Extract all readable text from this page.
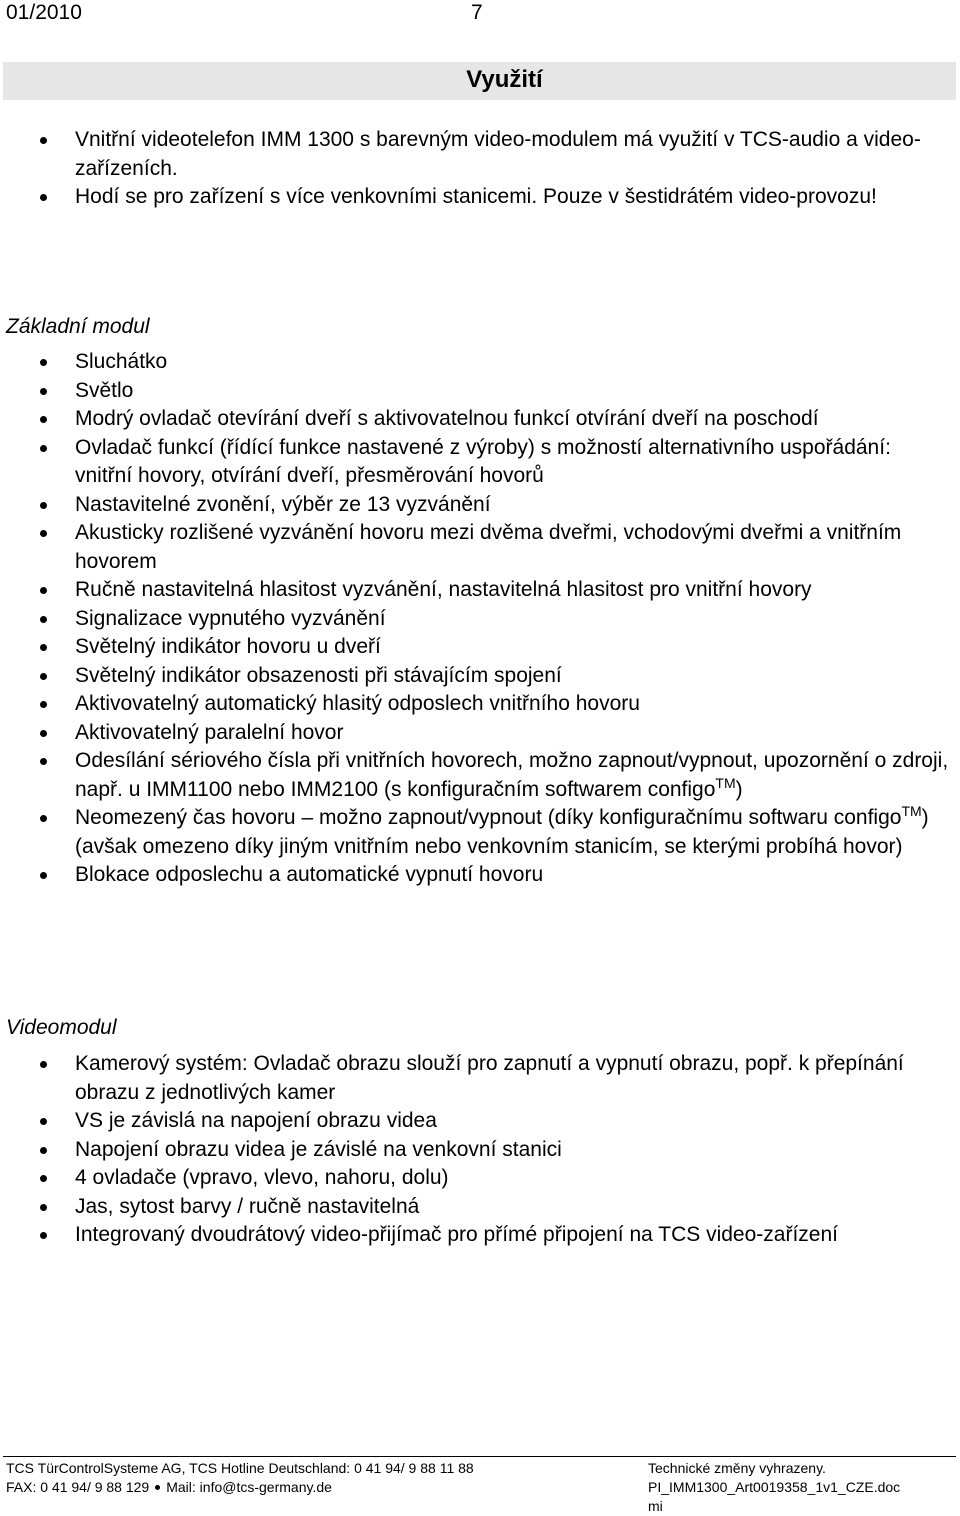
01/2010	7
Využití
Vnitřní videotelefon IMM 1300 s barevným video-modulem má využití v TCS-audio a video-zařízeních.
Hodí se pro zařízení s více venkovními stanicemi. Pouze v šestidrátém video-provozu!
Základní modul
Sluchátko
Světlo
Modrý ovladač otevírání dveří s aktivovatelnou funkcí otvírání dveří na poschodí
Ovladač funkcí (řídící funkce nastavené z výroby) s možností alternativního uspořádání: vnitřní hovory, otvírání dveří, přesměrování hovorů
Nastavitelné zvonění, výběr ze 13 vyzvánění
Akusticky rozlišené vyzvánění hovoru mezi dvěma dveřmi, vchodovými dveřmi a vnitřním hovorem
Ručně nastavitelná hlasitost vyzvánění, nastavitelná hlasitost pro vnitřní hovory
Signalizace vypnutého vyzvánění
Světelný indikátor hovoru u dveří
Světelný indikátor obsazenosti při stávajícím spojení
Aktivovatelný automatický hlasitý odposlech vnitřního hovoru
Aktivovatelný paralelní hovor
Odesílání sériového čísla při vnitřních hovorech, možno zapnout/vypnout, upozornění o zdroji, např. u IMM1100 nebo IMM2100 (s konfiguračním softwarem configo™)
Neomezený čas hovoru – možno zapnout/vypnout (díky konfiguračnímu softwaru configo™)
(avšak omezeno díky jiným vnitřním nebo venkovním stanicím, se kterými probíhá hovor)
Blokace odposlechu a automatické vypnutí hovoru
Videomodul
Kamerový systém: Ovladač obrazu slouží pro zapnutí a vypnutí obrazu, popř. k přepínání obrazu z jednotlivých kamer
VS je závislá na napojení obrazu videa
Napojení obrazu videa je závislé na venkovní stanici
4 ovladače (vpravo, vlevo, nahoru, dolu)
Jas, sytost barvy / ručně nastavitelná
Integrovaný dvoudrátový video-přijímač pro přímé připojení na TCS video-zařízení
TCS TürControlSysteme AG, TCS Hotline Deutschland: 0 41 94/ 9 88 11 88
FAX: 0 41 94/ 9 88 129 Mail: info@tcs-germany.de
Technické změny vyhrazeny.
PI_IMM1300_Art0019358_1v1_CZE.doc
mi
